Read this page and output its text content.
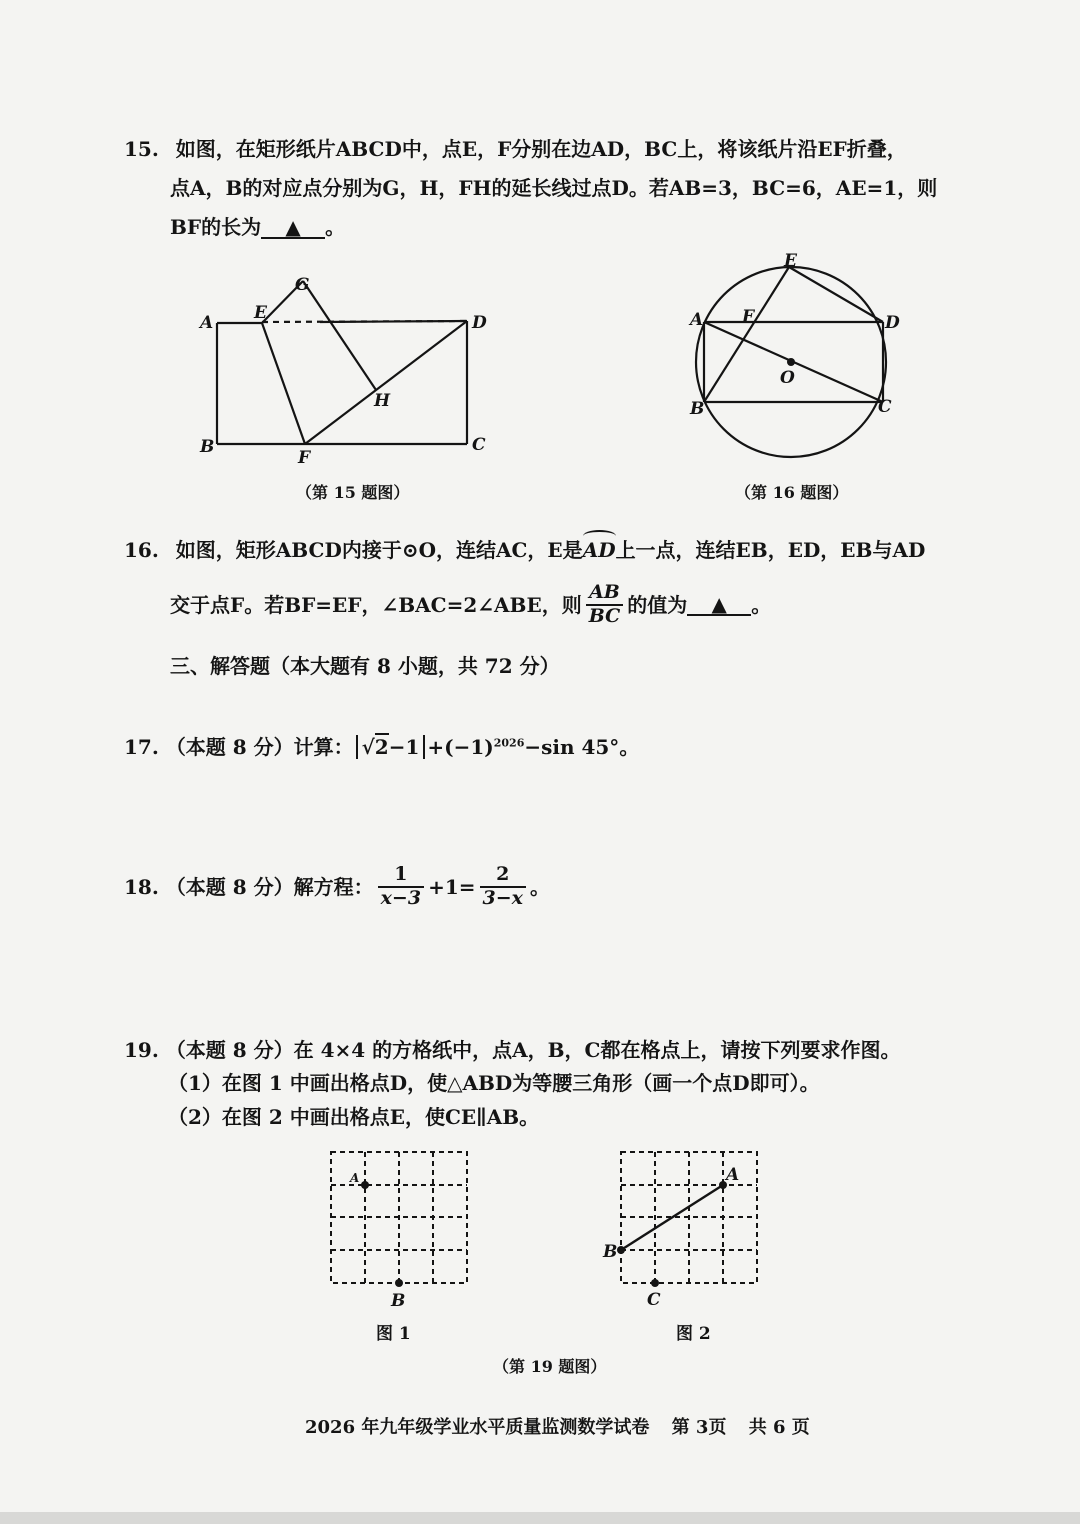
15. 如图，在矩形纸片ABCD中，点E，F分别在边AD，BC上，将该纸片沿EF折叠，
点A，B的对应点分别为G，H，FH的延长线过点D。若AB=3，BC=6，AE=1，则
BF的长为 ▲ 。
A E
G
D
H
B
F
C
（第 15 题图）
E
A F	D
O
B	C
（第 16 题图）
16. 如图，矩形ABCD内接于⊙O，连结AC，E是
AD上一点，连结EB，ED，EB与AD
交于点F。若BF=EF，∠BAC=2∠ABE，则 $\frac{AB}{BC}$ 的值为 ▲ 。
三、解答题（本大题有 8 小题，共 72 分）
17. （本题 8 分）计算： $√2-1 +(-1)^{2026}-\sin$ 45°。
18. （本题 8 分）解方程： $\frac{1}{x-3} +1= \frac{2}{3-x}$ 。
19. （本题 8 分）在 4×4 的方格纸中，点A，B，C都在格点上，请按下列要求作图。
（1）在图 1 中画出格点D，使△ABD为等腰三角形（画一个点D即可）。
（2）在图 2 中画出格点E，使CE∥AB。
A
B
图 1
A
B
C
图 2
（第 19 题图）
2026 年九年级学业水平质量监测数学试卷 第 3页 共 6 页
